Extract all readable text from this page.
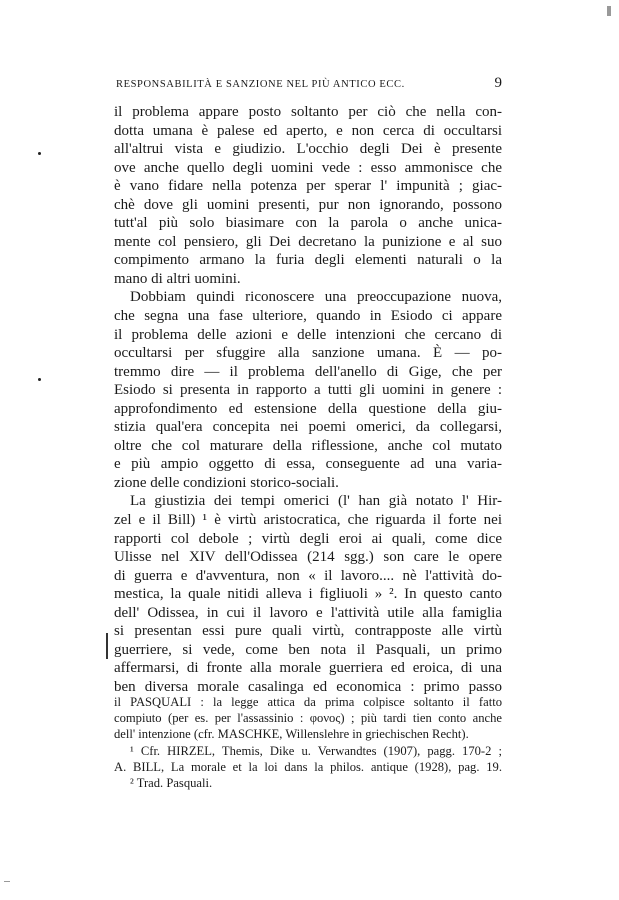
RESPONSABILITÀ E SANZIONE NEL PIÙ ANTICO ECC.	9
il problema appare posto soltanto per ciò che nella con-
dotta umana è palese ed aperto, e non cerca di occultarsi
all'altrui vista e giudizio. L'occhio degli Dei è presente
ove anche quello degli uomini vede : esso ammonisce che
è vano fidare nella potenza per sperar l' impunità ; giac-
chè dove gli uomini presenti, pur non ignorando, possono
tutt'al più solo biasimare con la parola o anche unica-
mente col pensiero, gli Dei decretano la punizione e al suo
compimento armano la furia degli elementi naturali o la
mano di altri uomini.
Dobbiam quindi riconoscere una preoccupazione nuova,
che segna una fase ulteriore, quando in Esiodo ci appare
il problema delle azioni e delle intenzioni che cercano di
occultarsi per sfuggire alla sanzione umana. È — po-
tremmo dire — il problema dell'anello di Gige, che per
Esiodo si presenta in rapporto a tutti gli uomini in genere :
approfondimento ed estensione della questione della giu-
stizia qual'era concepita nei poemi omerici, da collegarsi,
oltre che col maturare della riflessione, anche col mutato
e più ampio oggetto di essa, conseguente ad una varia-
zione delle condizioni storico-sociali.
La giustizia dei tempi omerici (l' han già notato l' Hir-
zel e il Bill) ¹ è virtù aristocratica, che riguarda il forte nei
rapporti col debole ; virtù degli eroi ai quali, come dice
Ulisse nel XIV dell'Odissea (214 sgg.) son care le opere
di guerra e d'avventura, non « il lavoro.... nè l'attività do-
mestica, la quale nitidi alleva i figliuoli » ². In questo canto
dell' Odissea, in cui il lavoro e l'attività utile alla famiglia
si presentan essi pure quali virtù, contrapposte alle virtù
guerriere, si vede, come ben nota il Pasquali, un primo
affermarsi, di fronte alla morale guerriera ed eroica, di una
ben diversa morale casalinga ed economica : primo passo
il PASQUALI : la legge attica da prima colpisce soltanto il fatto
compiuto (per es. per l'assassinio : φονος) ; più tardi tien conto anche
dell' intenzione (cfr. MASCHKE, Willenslehre in griechischen Recht).
¹ Cfr. HIRZEL, Themis, Dike u. Verwandtes (1907), pagg. 170-2 ;
A. BILL, La morale et la loi dans la philos. antique (1928), pag. 19.
² Trad. Pasquali.
